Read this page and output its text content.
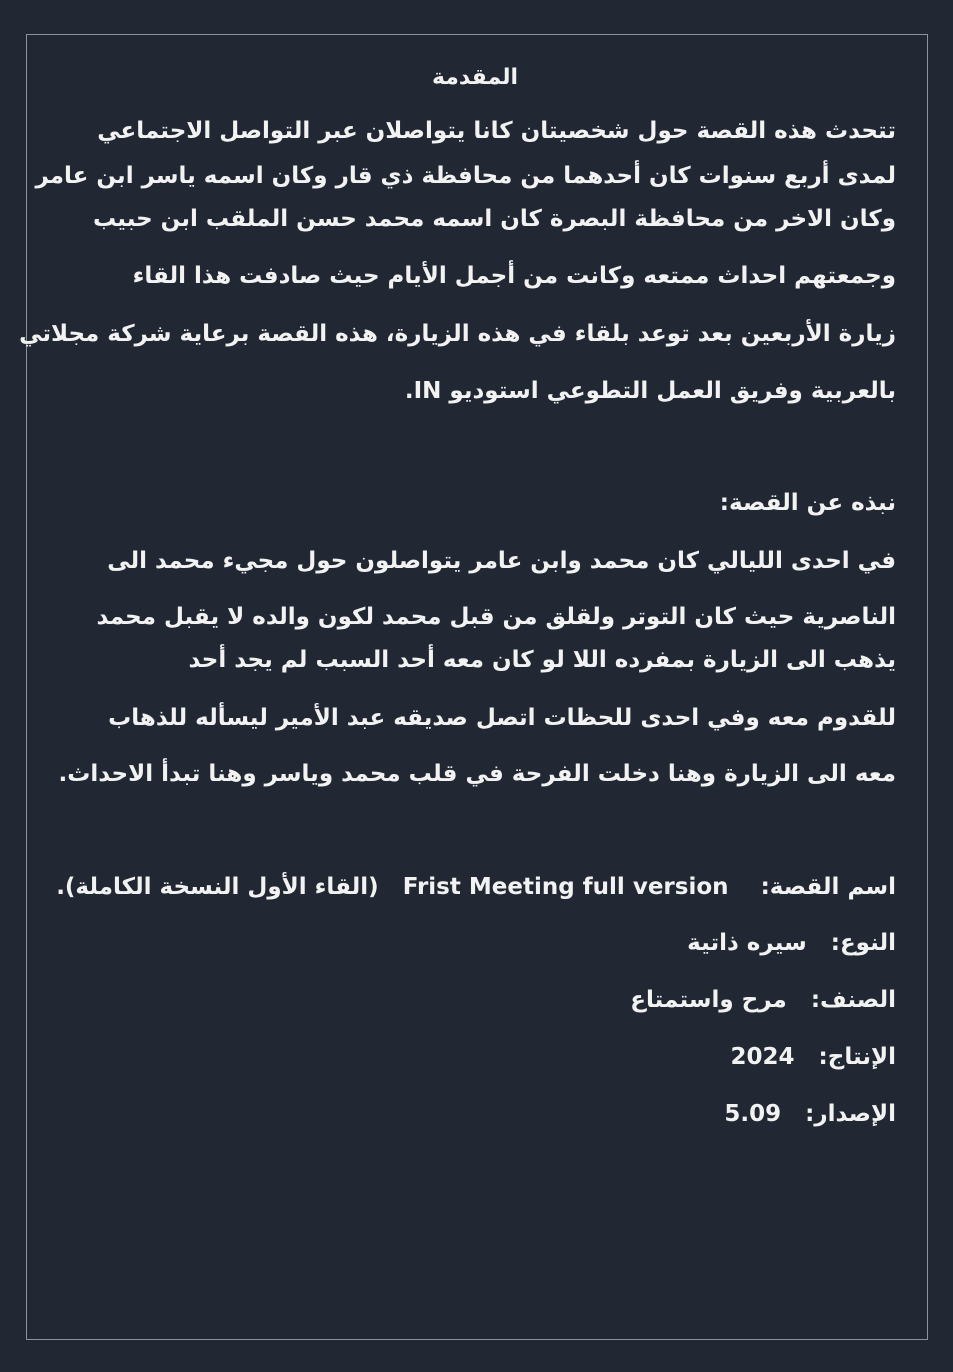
المقدمة
تتحدث هذه القصة حول شخصيتان كانا يتواصلان عبر التواصل الاجتماعي
لمدى أربع سنوات كان أحدهما من محافظة ذي قار وكان اسمه ياسر ابن عامر
وكان الاخر من محافظة البصرة كان اسمه محمد حسن الملقب ابن حبيب
وجمعتهم احداث ممتعه وكانت من أجمل الأيام حيث صادفت هذا القاء
زيارة الأربعين بعد توعد بلقاء في هذه الزيارة، هذه القصة برعاية شركة مجلاتي
بالعربية وفريق العمل التطوعي استوديو IN.
نبذه عن القصة:
في احدى الليالي كان محمد وابن عامر يتواصلون حول مجيء محمد الى
الناصرية حيث كان التوتر ولقلق من قبل محمد لكون والده لا يقبل محمد
يذهب الى الزيارة بمفرده اللا لو كان معه أحد السبب لم يجد أحد
للقدوم معه وفي احدى للحظات اتصل صديقه عبد الأمير ليسأله للذهاب
معه الى الزيارة وهنا دخلت الفرحة في قلب محمد وياسر وهنا تبدأ الاحداث.
اسم القصة:    Frist Meeting full version   (القاء الأول النسخة الكاملة).
النوع:   سيره ذاتية
الصنف:   مرح واستمتاع
الإنتاج:   2024
الإصدار:   5.09
